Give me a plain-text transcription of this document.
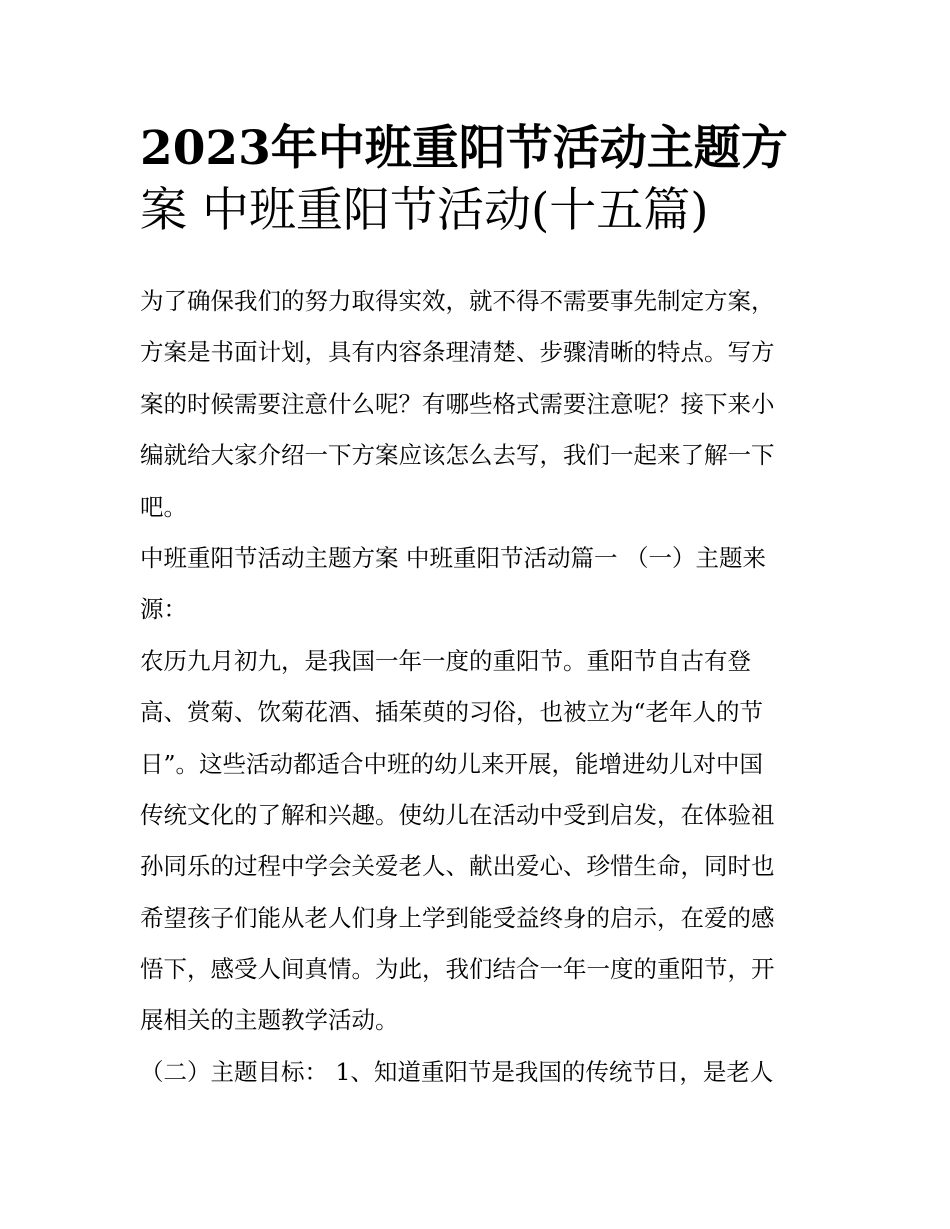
2023年中班重阳节活动主题方
案 中班重阳节活动(十五篇)
为了确保我们的努力取得实效，就不得不需要事先制定方案，
方案是书面计划，具有内容条理清楚、步骤清晰的特点。写方
案的时候需要注意什么呢？有哪些格式需要注意呢？接下来小
编就给大家介绍一下方案应该怎么去写，我们一起来了解一下
吧。
中班重阳节活动主题方案 中班重阳节活动篇一 （一）主题来
源：
农历九月初九，是我国一年一度的重阳节。重阳节自古有登
高、赏菊、饮菊花酒、插茱萸的习俗，也被立为“老年人的节
日”。这些活动都适合中班的幼儿来开展，能增进幼儿对中国
传统文化的了解和兴趣。使幼儿在活动中受到启发，在体验祖
孙同乐的过程中学会关爱老人、献出爱心、珍惜生命，同时也
希望孩子们能从老人们身上学到能受益终身的启示，在爱的感
悟下，感受人间真情。为此，我们结合一年一度的重阳节，开
展相关的主题教学活动。
（二）主题目标： 1、知道重阳节是我国的传统节日，是老人
